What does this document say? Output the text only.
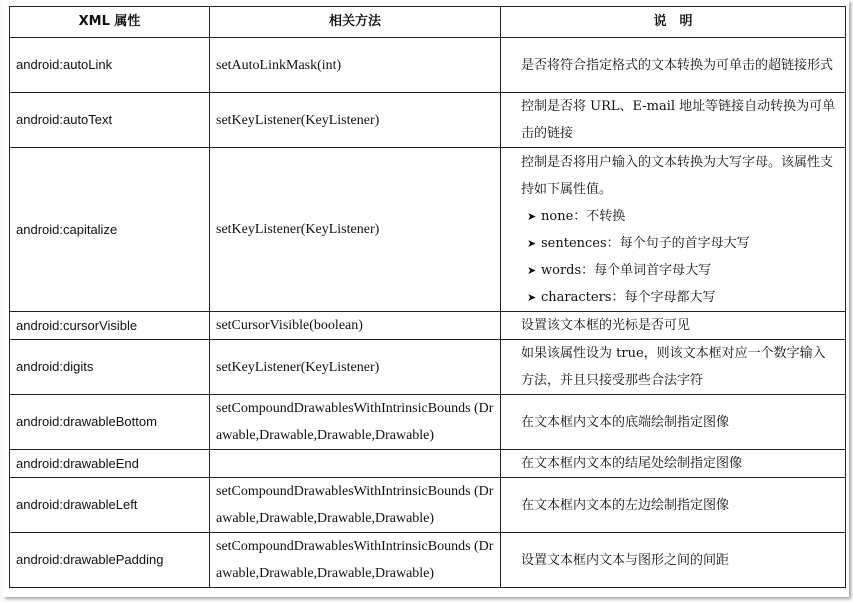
XML 属性	相关方法	说　明
android:autoLink	setAutoLinkMask(int)	是否将符合指定格式的文本转换为可单击的超链接形式
android:autoText	setKeyListener(KeyListener)	控制是否将 URL、E-mail 地址等链接自动转换为可单击的链接
android:capitalize	setKeyListener(KeyListener)	控制是否将用户输入的文本转换为大写字母。该属性支持如下属性值。
➤ none：不转换
➤ sentences：每个句子的首字母大写
➤ words：每个单词首字母大写
➤ characters：每个字母都大写

android:cursorVisible	setCursorVisible(boolean)	设置该文本框的光标是否可见
android:digits	setKeyListener(KeyListener)	如果该属性设为 true，则该文本框对应一个数字输入方法，并且只接受那些合法字符
android:drawableBottom	setCompoundDrawablesWithIntrinsicBounds (Drawable,Drawable,Drawable,Drawable)	在文本框内文本的底端绘制指定图像
android:drawableEnd		在文本框内文本的结尾处绘制指定图像
android:drawableLeft	setCompoundDrawablesWithIntrinsicBounds (Drawable,Drawable,Drawable,Drawable)	在文本框内文本的左边绘制指定图像
android:drawablePadding	setCompoundDrawablesWithIntrinsicBounds (Drawable,Drawable,Drawable,Drawable)	设置文本框内文本与图形之间的间距
